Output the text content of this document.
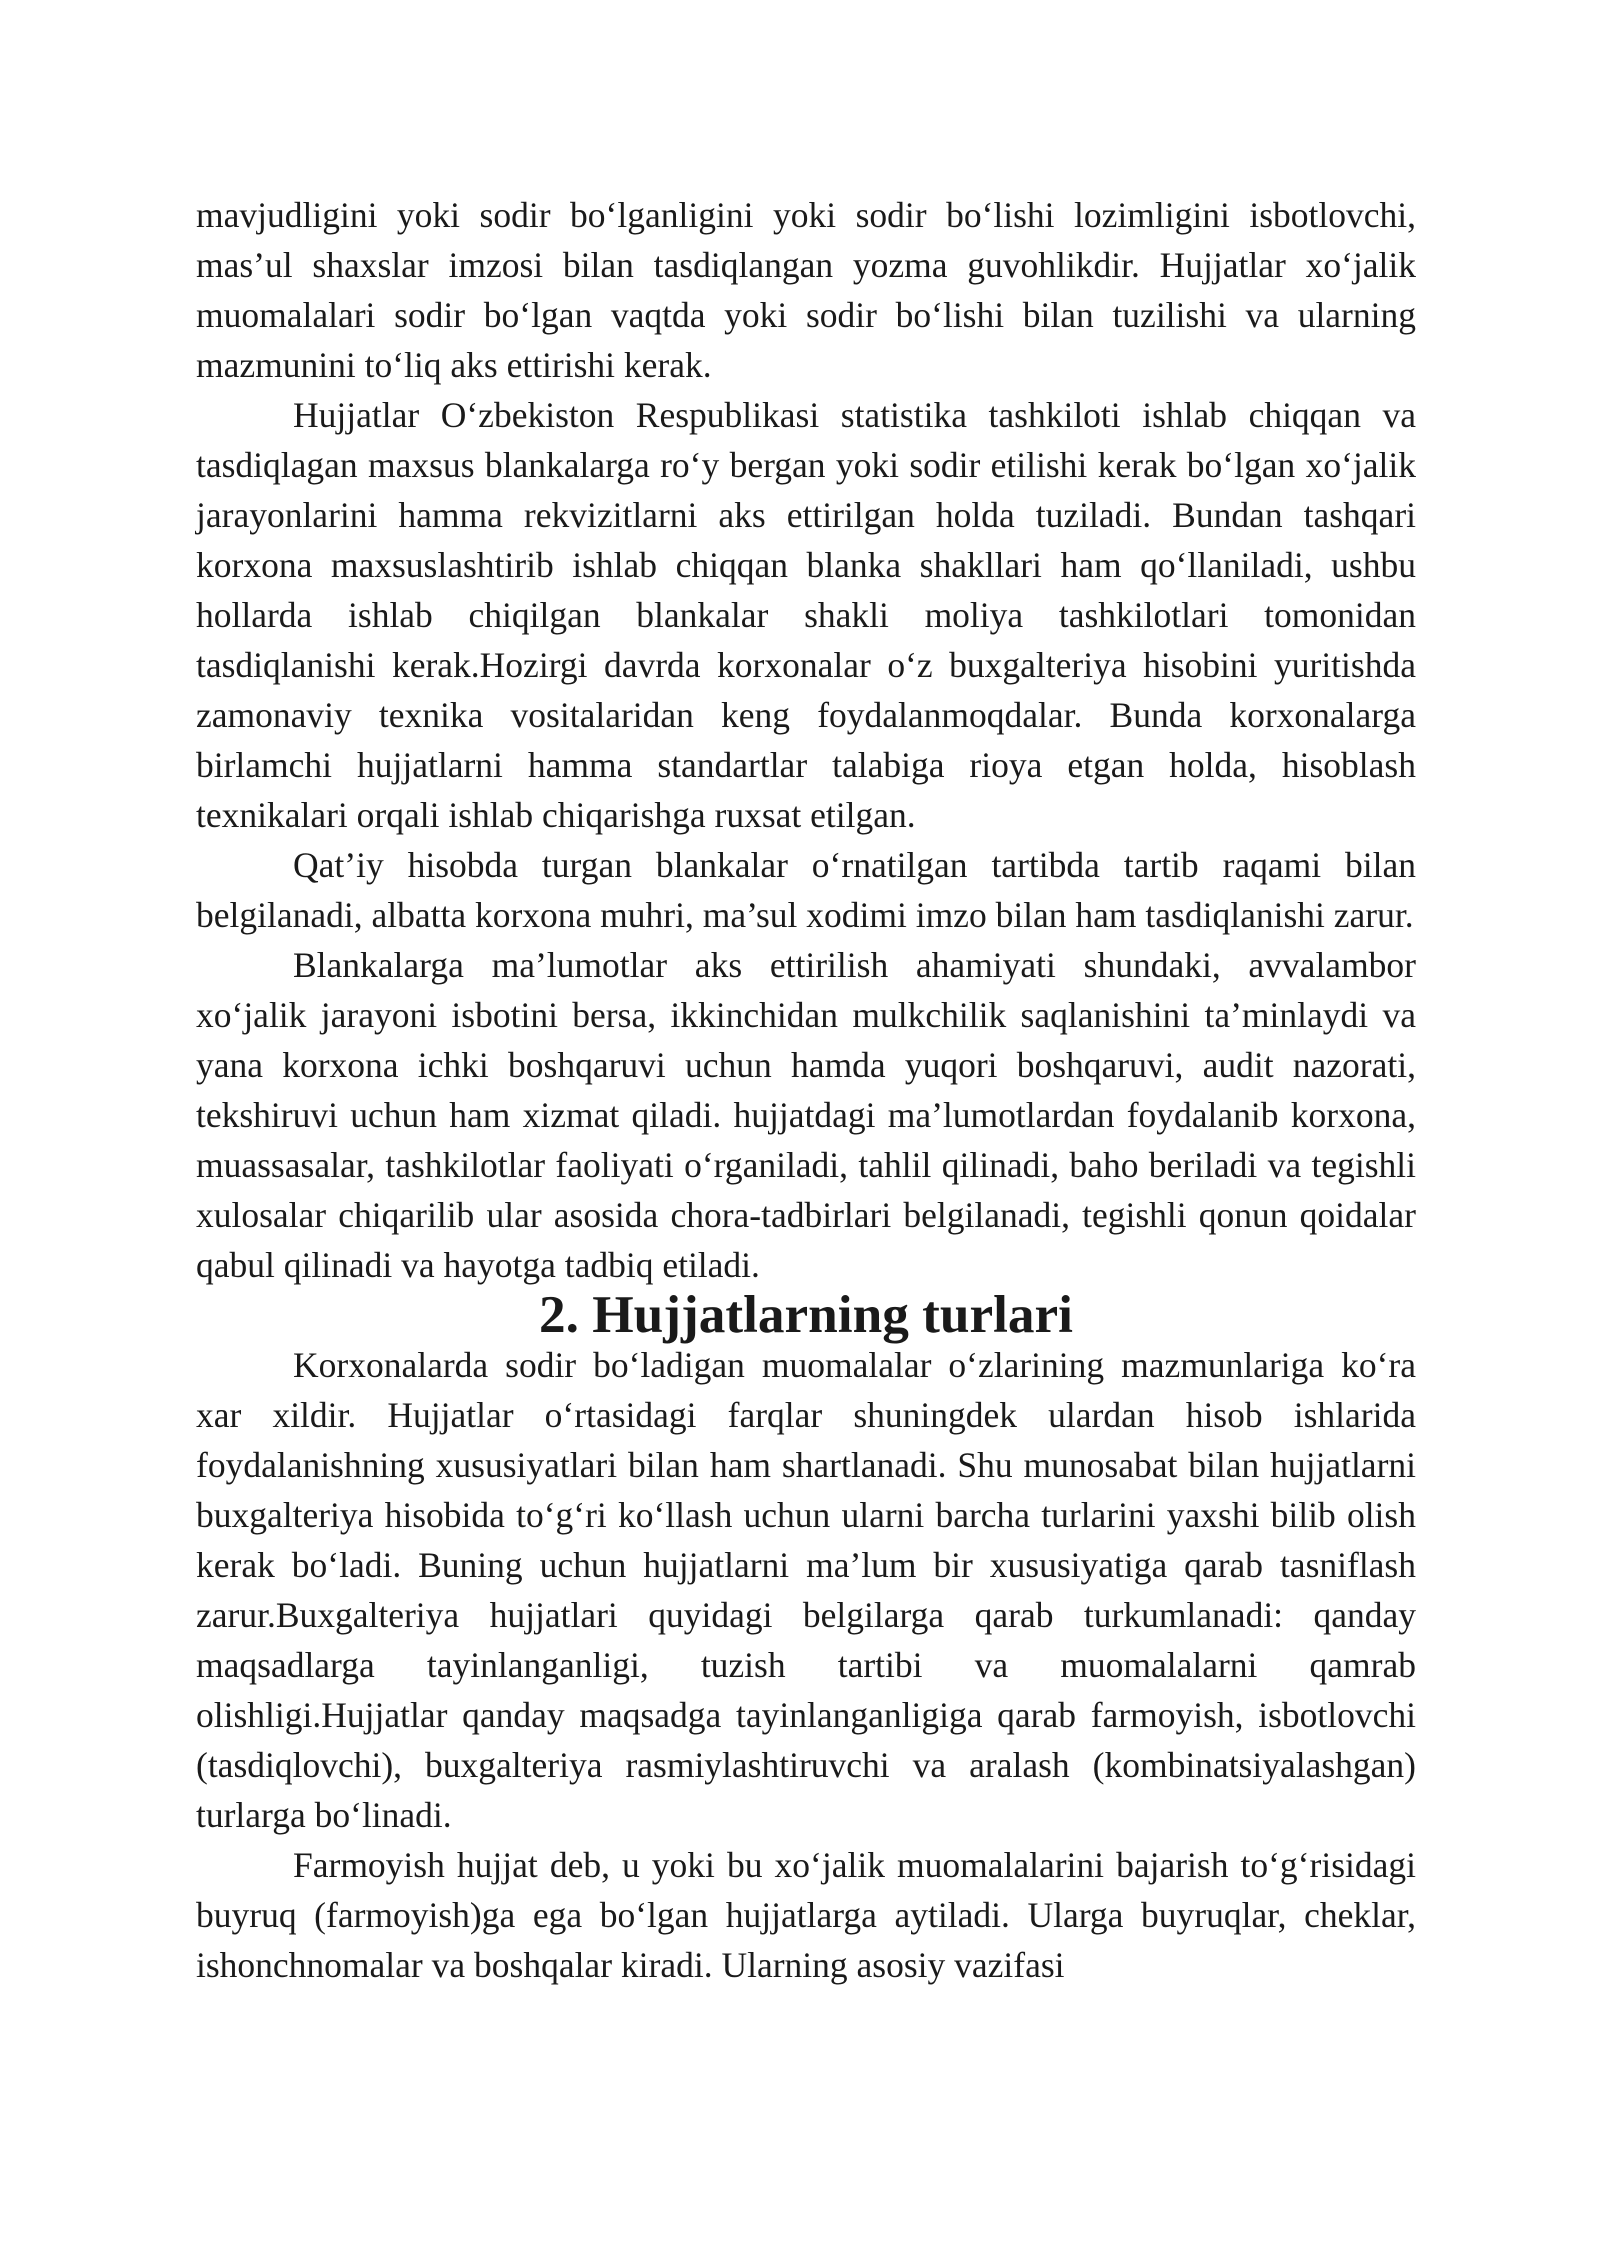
mavjudligini yoki sodir bo‘lganligini yoki sodir bo‘lishi lozimligini isbotlovchi, mas’ul shaxslar imzosi bilan tasdiqlangan yozma guvohlikdir. Hujjatlar xo‘jalik muomalalari sodir bo‘lgan vaqtda yoki sodir bo‘lishi bilan tuzilishi va ularning mazmunini to‘liq aks ettirishi kerak.

Hujjatlar O‘zbekiston Respublikasi statistika tashkiloti ishlab chiqqan va tasdiqlagan maxsus blankalarga ro‘y bergan yoki sodir etilishi kerak bo‘lgan xo‘jalik jarayonlarini hamma rekvizitlarni aks ettirilgan holda tuziladi. Bundan tashqari korxona maxsuslashtirib ishlab chiqqan blanka shakllari ham qo‘llaniladi, ushbu hollarda ishlab chiqilgan blankalar shakli moliya tashkilotlari tomonidan tasdiqlanishi kerak.Hozirgi davrda korxonalar o‘z buxgalteriya hisobini yuritishda zamonaviy texnika vositalaridan keng foydalanmoqdalar. Bunda korxonalarga birlamchi hujjatlarni hamma standartlar talabiga rioya etgan holda, hisoblash texnikalari orqali ishlab chiqarishga ruxsat etilgan.

Qat’iy hisobda turgan blankalar o‘rnatilgan tartibda tartib raqami bilan belgilanadi, albatta korxona muhri, ma’sul xodimi imzo bilan ham tasdiqlanishi zarur.

Blankalarga ma’lumotlar aks ettirilish ahamiyati shundaki, avvalambor xo‘jalik jarayoni isbotini bersa, ikkinchidan mulkchilik saqlanishini ta’minlaydi va yana korxona ichki boshqaruvi uchun hamda yuqori boshqaruvi, audit nazorati, tekshiruvi uchun ham xizmat qiladi. hujjatdagi ma’lumotlardan foydalanib korxona, muassasalar, tashkilotlar faoliyati o‘rganiladi, tahlil qilinadi, baho beriladi va tegishli xulosalar chiqarilib ular asosida chora-tadbirlari belgilanadi, tegishli qonun qoidalar qabul qilinadi va hayotga tadbiq etiladi.

2. Hujjatlarning turlari

Korxonalarda sodir bo‘ladigan muomalalar o‘zlarining mazmunlariga ko‘ra xar xildir. Hujjatlar o‘rtasidagi farqlar shuningdek ulardan hisob ishlarida foydalanishning xususiyatlari bilan ham shartlanadi. Shu munosabat bilan hujjatlarni buxgalteriya hisobida to‘g‘ri ko‘llash uchun ularni barcha turlarini yaxshi bilib olish kerak bo‘ladi. Buning uchun hujjatlarni ma’lum bir xususiyatiga qarab tasniflash zarur.Buxgalteriya hujjatlari quyidagi belgilarga qarab turkumlanadi: qanday maqsadlarga tayinlanganligi, tuzish tartibi va muomalalarni qamrab olishligi.Hujjatlar qanday maqsadga tayinlanganligiga qarab farmoyish, isbotlovchi (tasdiqlovchi), buxgalteriya rasmiylashtiruvchi va aralash (kombinatsiyalashgan) turlarga bo‘linadi.

Farmoyish hujjat deb, u yoki bu xo‘jalik muomalalarini bajarish to‘g‘risidagi buyruq (farmoyish)ga ega bo‘lgan hujjatlarga aytiladi. Ularga buyruqlar, cheklar, ishonchnomalar va boshqalar kiradi. Ularning asosiy vazifasi
